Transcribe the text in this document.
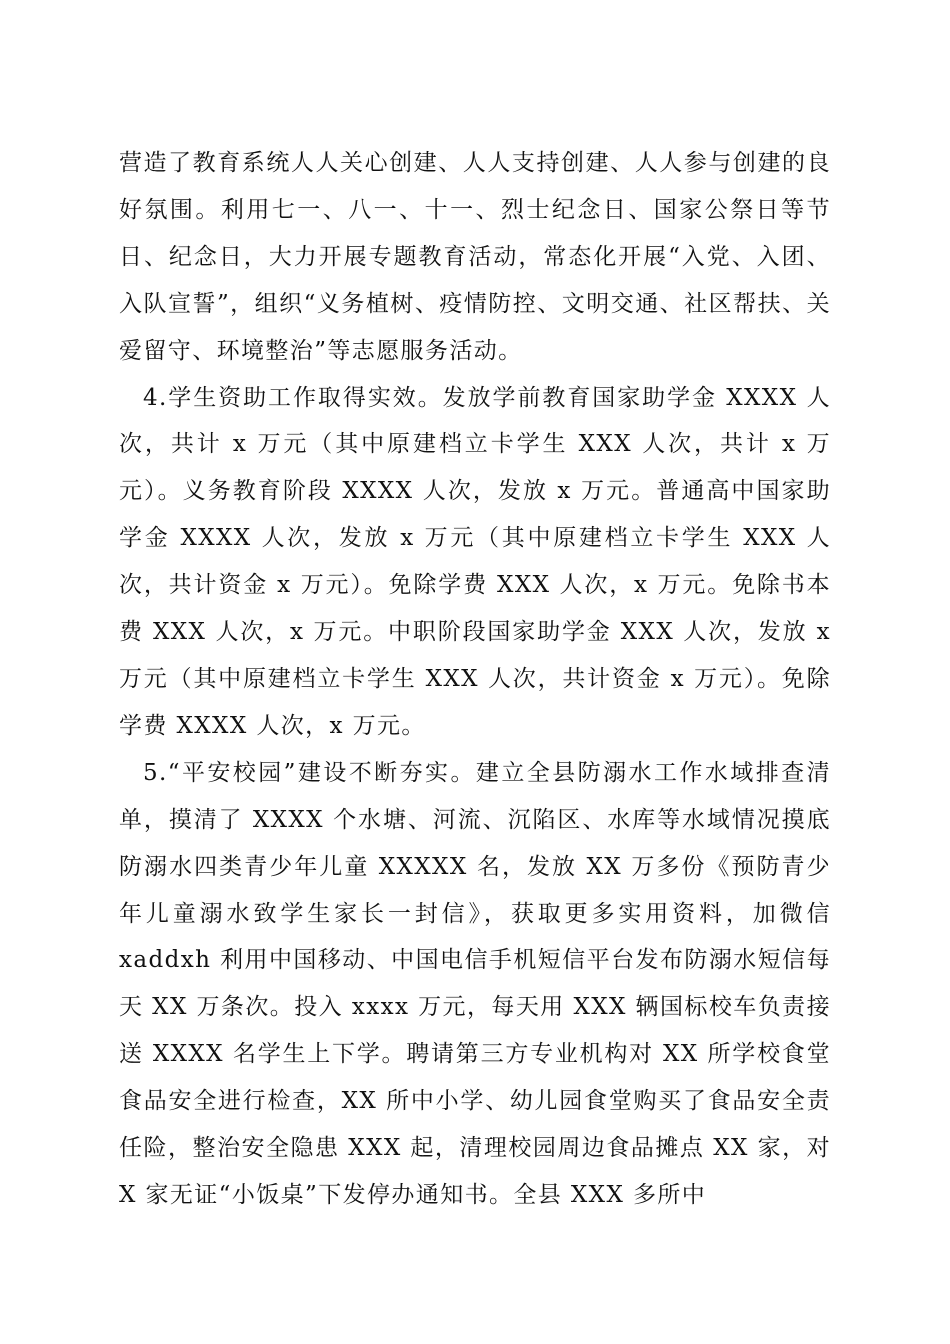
营造了教育系统人人关心创建、人人支持创建、人人参与创建的良好氛围。利用七一、八一、十一、烈士纪念日、国家公祭日等节日、纪念日，大力开展专题教育活动，常态化开展“入党、入团、入队宣誓”，组织“义务植树、疫情防控、文明交通、社区帮扶、关爱留守、环境整治”等志愿服务活动。

4.学生资助工作取得实效。发放学前教育国家助学金 XXXX 人次，共计 x 万元（其中原建档立卡学生 XXX 人次，共计 x 万元）。义务教育阶段 XXXX 人次，发放 x 万元。普通高中国家助学金 XXXX 人次，发放 x 万元（其中原建档立卡学生 XXX 人次，共计资金 x 万元）。免除学费 XXX 人次，x 万元。免除书本费 XXX 人次，x 万元。中职阶段国家助学金 XXX 人次，发放 x 万元（其中原建档立卡学生 XXX 人次，共计资金 x 万元）。免除学费 XXXX 人次，x 万元。

5.“平安校园”建设不断夯实。建立全县防溺水工作水域排查清单，摸清了 XXXX 个水塘、河流、沉陷区、水库等水域情况摸底防溺水四类青少年儿童 XXXXX 名，发放 XX 万多份《预防青少年儿童溺水致学生家长一封信》，获取更多实用资料，加微信 xaddxh 利用中国移动、中国电信手机短信平台发布防溺水短信每天 XX 万条次。投入 xxxx 万元，每天用 XXX 辆国标校车负责接送 XXXX 名学生上下学。聘请第三方专业机构对 XX 所学校食堂食品安全进行检查，XX 所中小学、幼儿园食堂购买了食品安全责任险，整治安全隐患 XXX 起，清理校园周边食品摊点 XX 家，对 X 家无证“小饭桌”下发停办通知书。全县 XXX 多所中
